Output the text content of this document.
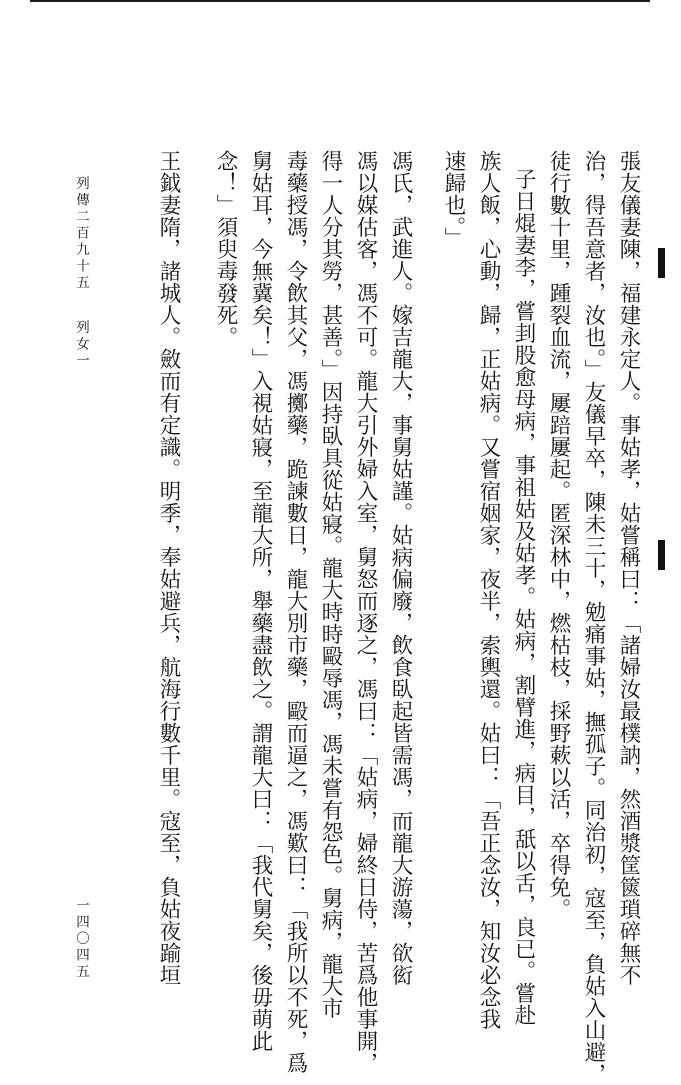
張友儀妻陳，福建永定人。事姑孝，姑嘗稱曰：「諸婦汝最樸訥，然酒漿筐篋瑣碎無不
治，得吾意者，汝也。」友儀早卒，陳未三十，勉痛事姑，撫孤子。同治初，寇至，負姑入山避，
徒行數十里，踵裂血流，屢踣屢起。匿深林中，燃枯枝，採野蔌以活，卒得免。
子日焜妻李，嘗刲股愈母病，事祖姑及姑孝。姑病，割臂進，病目，舐以舌，良已。嘗赴
族人飯，心動，歸，正姑病。又嘗宿姻家，夜半，索輿還。姑曰：「吾正念汝，知汝必念我
速歸也。」
馮氏，武進人。嫁吉龍大，事舅姑謹。姑病偏廢，飲食臥起皆需馮，而龍大游蕩，欲衒
馮以媒估客，馮不可。龍大引外婦入室，舅怒而逐之，馮曰：「姑病，婦終日侍，苦爲他事開，
得一人分其勞，甚善。」因持臥具從姑寢。龍大時時毆辱馮，馮未嘗有怨色。舅病，龍大市
毒藥授馮，令飲其父，馮擲藥，跪諫數日，龍大別市藥，毆而逼之，馮歎曰：「我所以不死，爲
舅姑耳，今無冀矣！」入視姑寢，至龍大所，舉藥盡飲之。謂龍大曰：「我代舅矣，後毋萌此
念！」須臾毒發死。
王鉞妻隋，諸城人。斂而有定識。明季，奉姑避兵，航海行數千里。寇至，負姑夜踰垣
列傳二百九十五
列女一
一四〇四五
